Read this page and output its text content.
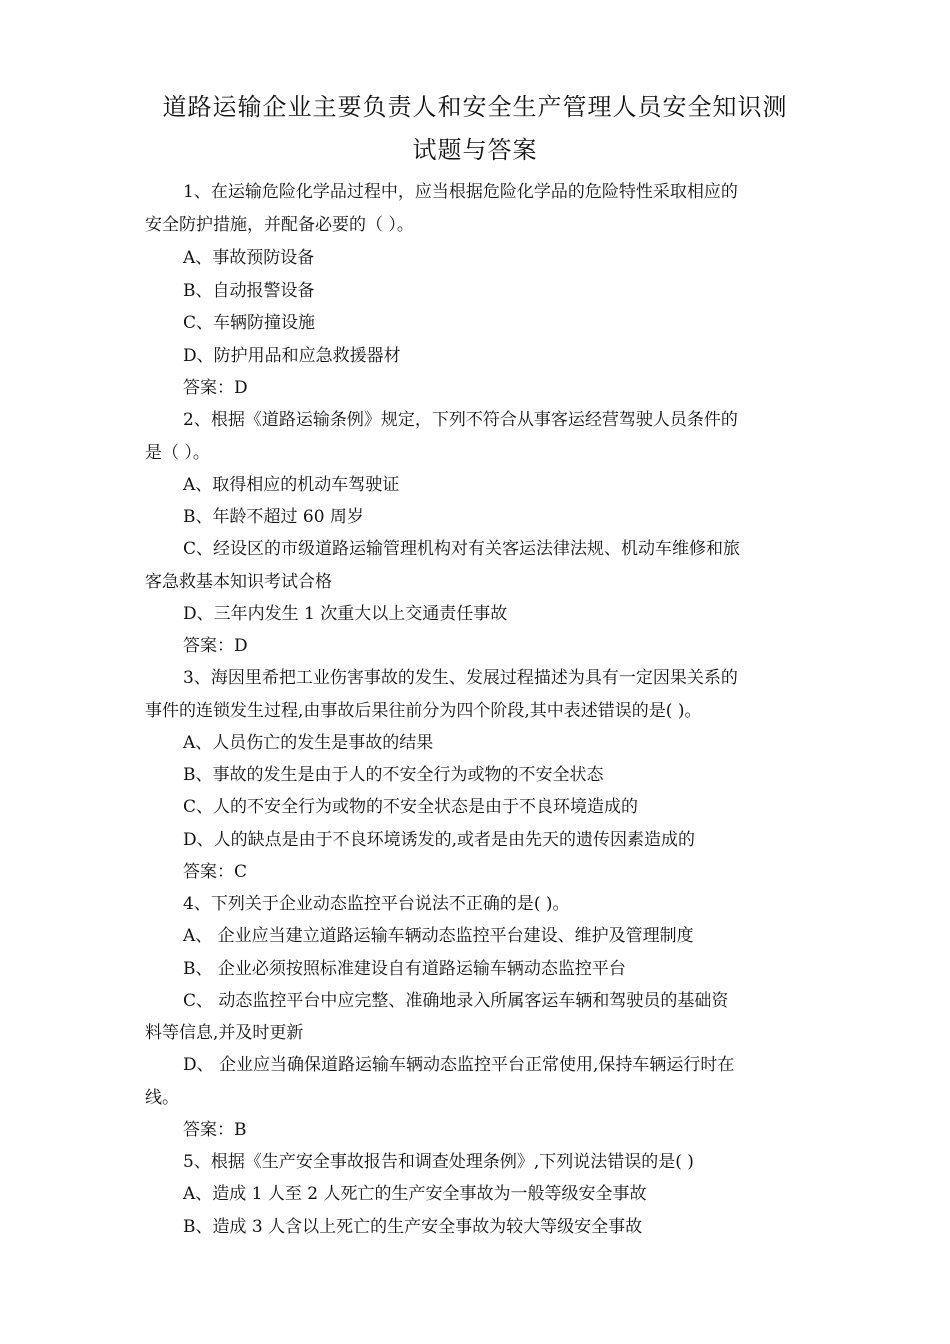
道路运输企业主要负责人和安全生产管理人员安全知识测
试题与答案
1、在运输危险化学品过程中，应当根据危险化学品的危险特性采取相应的
安全防护措施，并配备必要的（ ）。
A、事故预防设备
B、自动报警设备
C、车辆防撞设施
D、防护用品和应急救援器材
答案：D
2、根据《道路运输条例》规定，下列不符合从事客运经营驾驶人员条件的
是（ ）。
A、取得相应的机动车驾驶证
B、年龄不超过 60 周岁
C、经设区的市级道路运输管理机构对有关客运法律法规、机动车维修和旅
客急救基本知识考试合格
D、三年内发生 1 次重大以上交通责任事故
答案：D
3、海因里希把工业伤害事故的发生、发展过程描述为具有一定因果关系的
事件的连锁发生过程,由事故后果往前分为四个阶段,其中表述错误的是( )。
A、人员伤亡的发生是事故的结果
B、事故的发生是由于人的不安全行为或物的不安全状态
C、人的不安全行为或物的不安全状态是由于不良环境造成的
D、人的缺点是由于不良环境诱发的,或者是由先天的遗传因素造成的
答案：C
4、下列关于企业动态监控平台说法不正确的是( )。
A、 企业应当建立道路运输车辆动态监控平台建设、维护及管理制度
B、 企业必须按照标准建设自有道路运输车辆动态监控平台
C、 动态监控平台中应完整、准确地录入所属客运车辆和驾驶员的基础资
料等信息,并及时更新
D、 企业应当确保道路运输车辆动态监控平台正常使用,保持车辆运行时在
线。
答案：B
5、根据《生产安全事故报告和调查处理条例》,下列说法错误的是( )
A、造成 1 人至 2 人死亡的生产安全事故为一般等级安全事故
B、造成 3 人含以上死亡的生产安全事故为较大等级安全事故
